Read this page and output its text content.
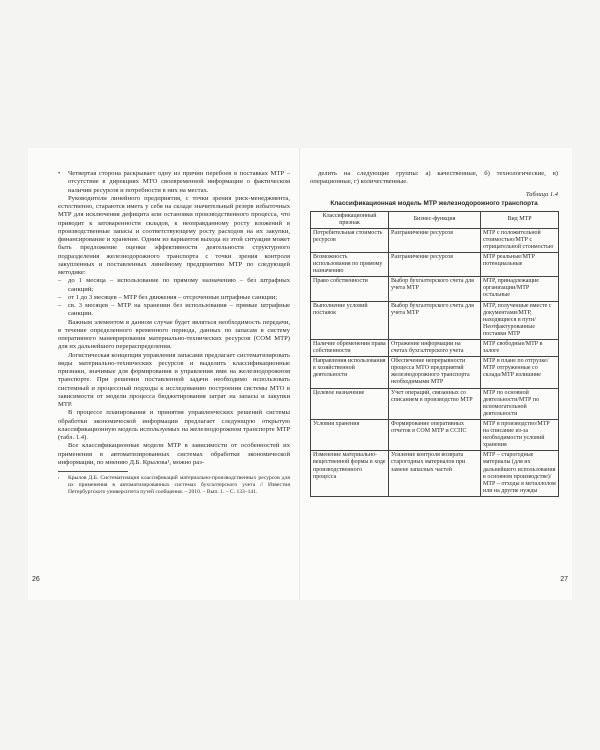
•	Четвертая сторона раскрывает одну из причин перебоев в поставках МТР – отсутствие в дирекциях МТО своевременной информации о фактическом наличии ресурсов и потребности в них на местах.

Руководители линейного предприятия, с точки зрения риск-менеджмента, естественно, стараются иметь у себя на складе значительный резерв избыточных МТР для исключения дефицита или остановки производственного процесса, что приводит к затоваренности складов, к неоправданному росту вложений в производственные запасы и соответствующему росту расходов на их закупки, финансирование и хранение. Одним из вариантов выхода из этой ситуации может быть предложение оценки эффективности деятельности структурного подразделения железнодорожного транспорта с точки зрения контроля закупленных и поставленных линейному предприятию МТР по следующей методике:

–	до 1 месяца – использование по прямому назначению – без штрафных санкций;

–	от 1 до 3 месяцев – МТР без движения – отсроченные штрафные санкции;

–	св. 3 месяцев – МТР на хранении без использования – прямые штрафные санкции.

Важным элементом в данном случае будет являться необходимость передачи, в течение определенного временного периода, данных по запасам в систему оперативного маневрирования материально-технических ресурсов (СОМ МТР) для их дальнейшего перераспределения.

Логистическая концепция управления запасами предлагает систематизировать виды материально-технических ресурсов и выделить классификационные признаки, значимые для формирования и управления ими на железнодорожном транспорте. При решении поставленной задачи необходимо использовать системный и процессный подходы к исследованию построения системы МТО в зависимости от модели процесса бюджетирования затрат на запасы и закупки МТР.

В процессе планирования и принятия управленческих решений системы обработки экономической информации предлагает следующую открытую классификационную модель используемых на железнодорожном транспорте МТР (табл. 1.4).

Все классификационные модели МТР в зависимости от особенностей их применения в автоматизированных системах обработки экономической информации, по мнению Д.Б. Крылова¹, можно раз-

¹	Крылов Д.Б. Систематизация классификаций материально-производственных ресурсов для их применения в автоматизированных системах бухгалтерского учета // Известия Петербургского университета путей сообщения. – 2010. – Вып. 1. – С. 133–141.
26

делить на следующие группы: а) качественные, б) технологические, в) операционные, г) количественные.

Таблица 1.4
Классификационная модель МТР железнодорожного транспорта
Классификационный признак	Бизнес-функция	Вид МТР
Потребительная стоимость ресурсов	Разграничение ресурсов	МТР с положительной стоимостью/МТР с отрицательной стоимостью
Возможность использования по прямому назначению	Разграничение ресурсов	МТР реальные/МТР потенциальные
Право собственности	Выбор бухгалтерского счета для учета МТР	МТР, принадлежащие организации/МТР остальные
Выполнение условий поставок	Выбор бухгалтерского счета для учета МТР	МТР, полученные вместе с документами/МТР, находящиеся в пути/Неотфактурованные поставки МТР
Наличие обременения права собственности	Отражение информации на счетах бухгалтерского учета	МТР свободные/МТР в залоге
Направления использования в хозяйственной деятельности	Обеспечение непрерывности процесса МТО предприятий железнодорожного транспорта необходимыми МТР	МТР в плане по отгрузке/МТР отгруженные со склада/МТР излишние
Целевое назначение	Учет операций, связанных со списанием в производство МТР	МТР по основной деятельности/МТР по вспомогательной деятельности
Условия хранения	Формирование оперативных отчетов в СОМ МТР и ССПС	МТР в производство/МТР на списание из-за необходимости условий хранения
Изменение материально-вещественной формы в ходе производственного процесса	Усиление контроля возврата старогодных материалов при замене запасных частей	МТР – старогодные материалы (для их дальнейшего использования в основном производстве)/МТР – отходы в металлолом или на другие нужды
27
